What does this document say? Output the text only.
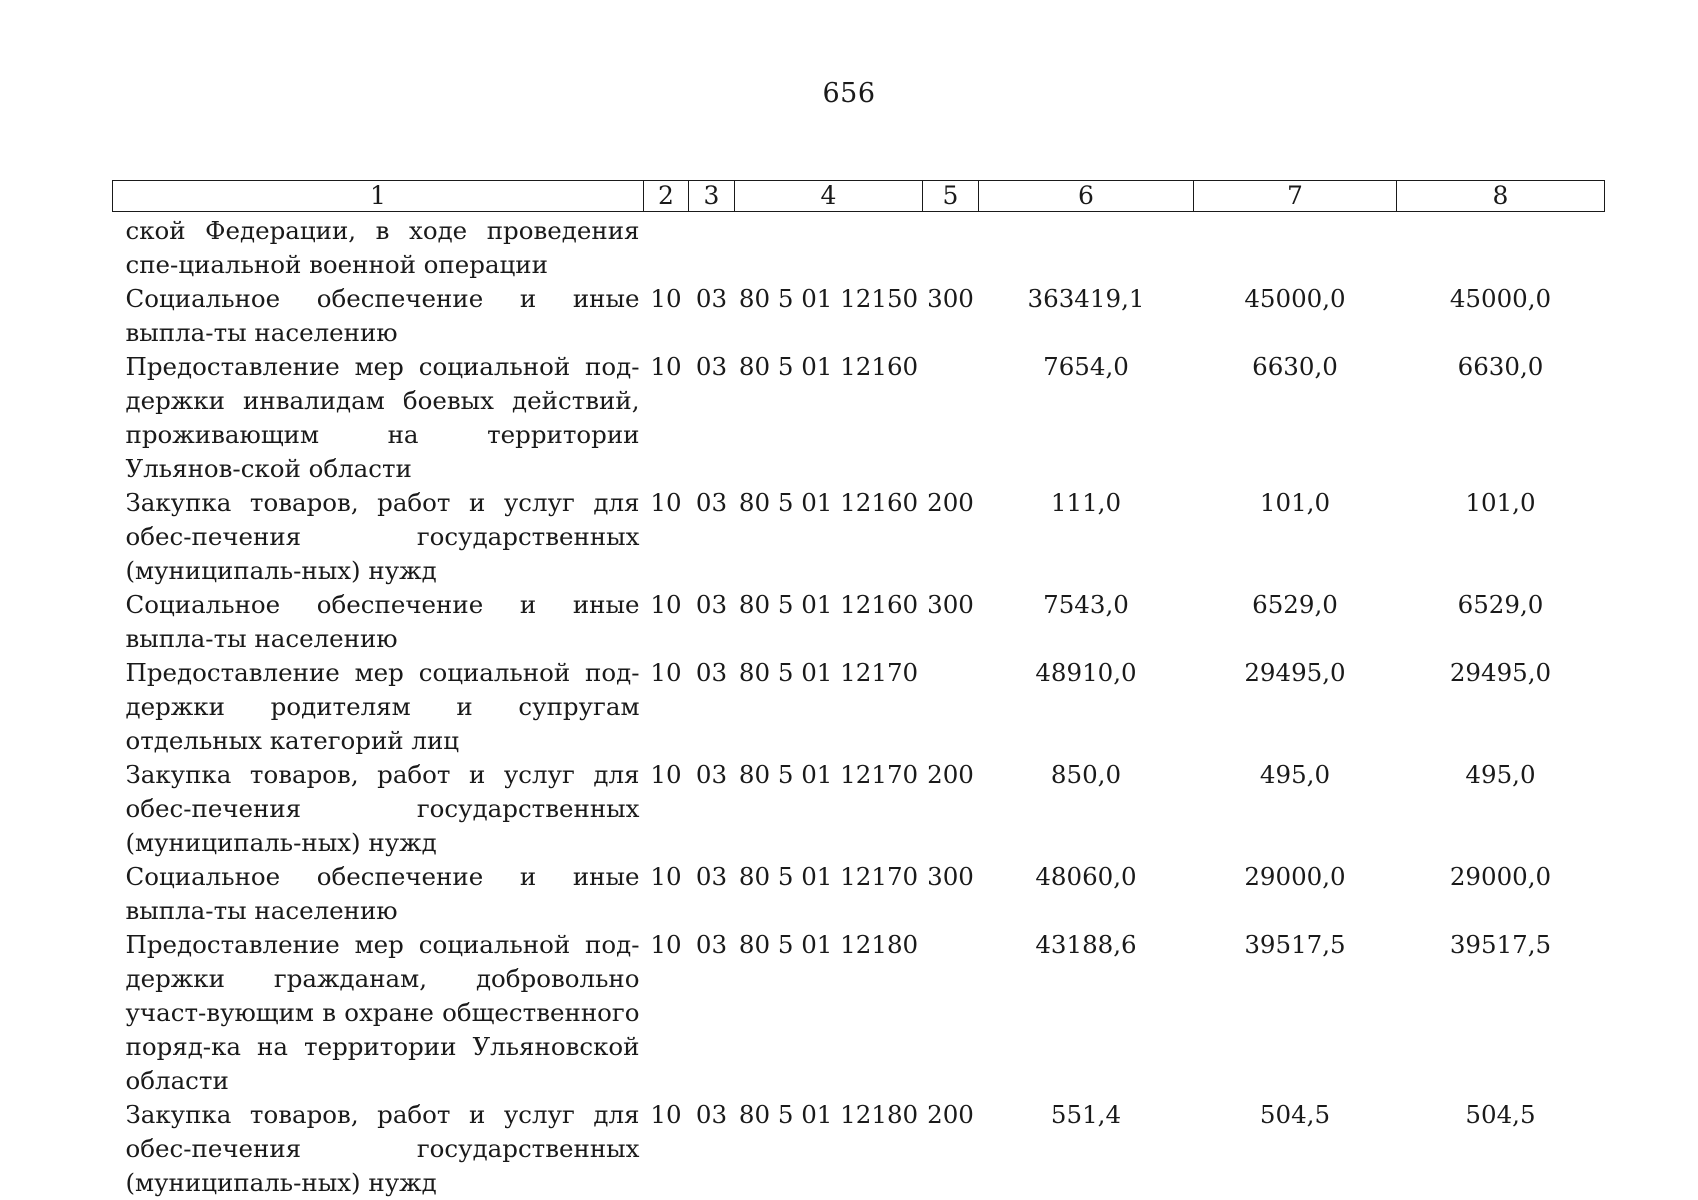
656
1	2	3	4	5	6	7	8
ской Федерации, в ходе проведения спе-циальной военной операции							
Социальное обеспечение и иные выпла-ты населению	10	03	80 5 01 12150	300	363419,1	45000,0	45000,0
Предоставление мер социальной под-держки инвалидам боевых действий, проживающим на территории Ульянов-ской области	10	03	80 5 01 12160		7654,0	6630,0	6630,0
Закупка товаров, работ и услуг для обес-печения государственных (муниципаль-ных) нужд	10	03	80 5 01 12160	200	111,0	101,0	101,0
Социальное обеспечение и иные выпла-ты населению	10	03	80 5 01 12160	300	7543,0	6529,0	6529,0
Предоставление мер социальной под-держки родителям и супругам отдельных категорий лиц	10	03	80 5 01 12170		48910,0	29495,0	29495,0
Закупка товаров, работ и услуг для обес-печения государственных (муниципаль-ных) нужд	10	03	80 5 01 12170	200	850,0	495,0	495,0
Социальное обеспечение и иные выпла-ты населению	10	03	80 5 01 12170	300	48060,0	29000,0	29000,0
Предоставление мер социальной под-держки гражданам, добровольно участ-вующим в охране общественного поряд-ка на территории Ульяновской области	10	03	80 5 01 12180		43188,6	39517,5	39517,5
Закупка товаров, работ и услуг для обес-печения государственных (муниципаль-ных) нужд	10	03	80 5 01 12180	200	551,4	504,5	504,5
